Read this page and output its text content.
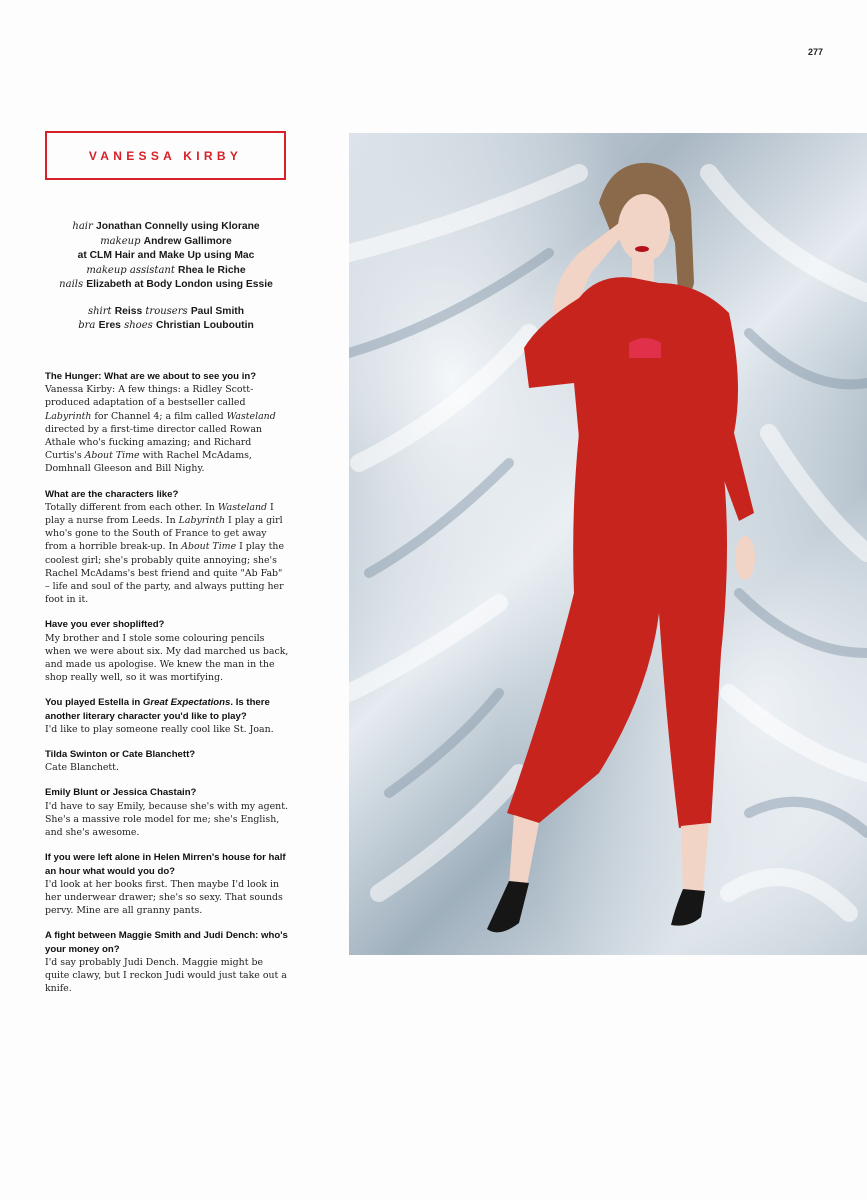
277
VANESSA KIRBY
hair Jonathan Connelly using Klorane
makeup Andrew Gallimore
at CLM Hair and Make Up using Mac
makeup assistant Rhea le Riche
nails Elizabeth at Body London using Essie
shirt Reiss trousers Paul Smith
bra Eres shoes Christian Louboutin
The Hunger: What are we about to see you in?
Vanessa Kirby: A few things: a Ridley Scott-produced adaptation of a bestseller called Labyrinth for Channel 4; a film called Wasteland directed by a first-time director called Rowan Athale who's fucking amazing; and Richard Curtis's About Time with Rachel McAdams, Domhnall Gleeson and Bill Nighy.
What are the characters like?
Totally different from each other. In Wasteland I play a nurse from Leeds. In Labyrinth I play a girl who's gone to the South of France to get away from a horrible break-up. In About Time I play the coolest girl; she's probably quite annoying; she's Rachel McAdams's best friend and quite "Ab Fab" – life and soul of the party, and always putting her foot in it.
Have you ever shoplifted?
My brother and I stole some colouring pencils when we were about six. My dad marched us back, and made us apologise. We knew the man in the shop really well, so it was mortifying.
You played Estella in Great Expectations. Is there another literary character you'd like to play?
I'd like to play someone really cool like St. Joan.
Tilda Swinton or Cate Blanchett?
Cate Blanchett.
Emily Blunt or Jessica Chastain?
I'd have to say Emily, because she's with my agent. She's a massive role model for me; she's English, and she's awesome.
If you were left alone in Helen Mirren's house for half an hour what would you do?
I'd look at her books first. Then maybe I'd look in her underwear drawer; she's so sexy. That sounds pervy. Mine are all granny pants.
A fight between Maggie Smith and Judi Dench: who's your money on?
I'd say probably Judi Dench. Maggie might be quite clawy, but I reckon Judi would just take out a knife.
